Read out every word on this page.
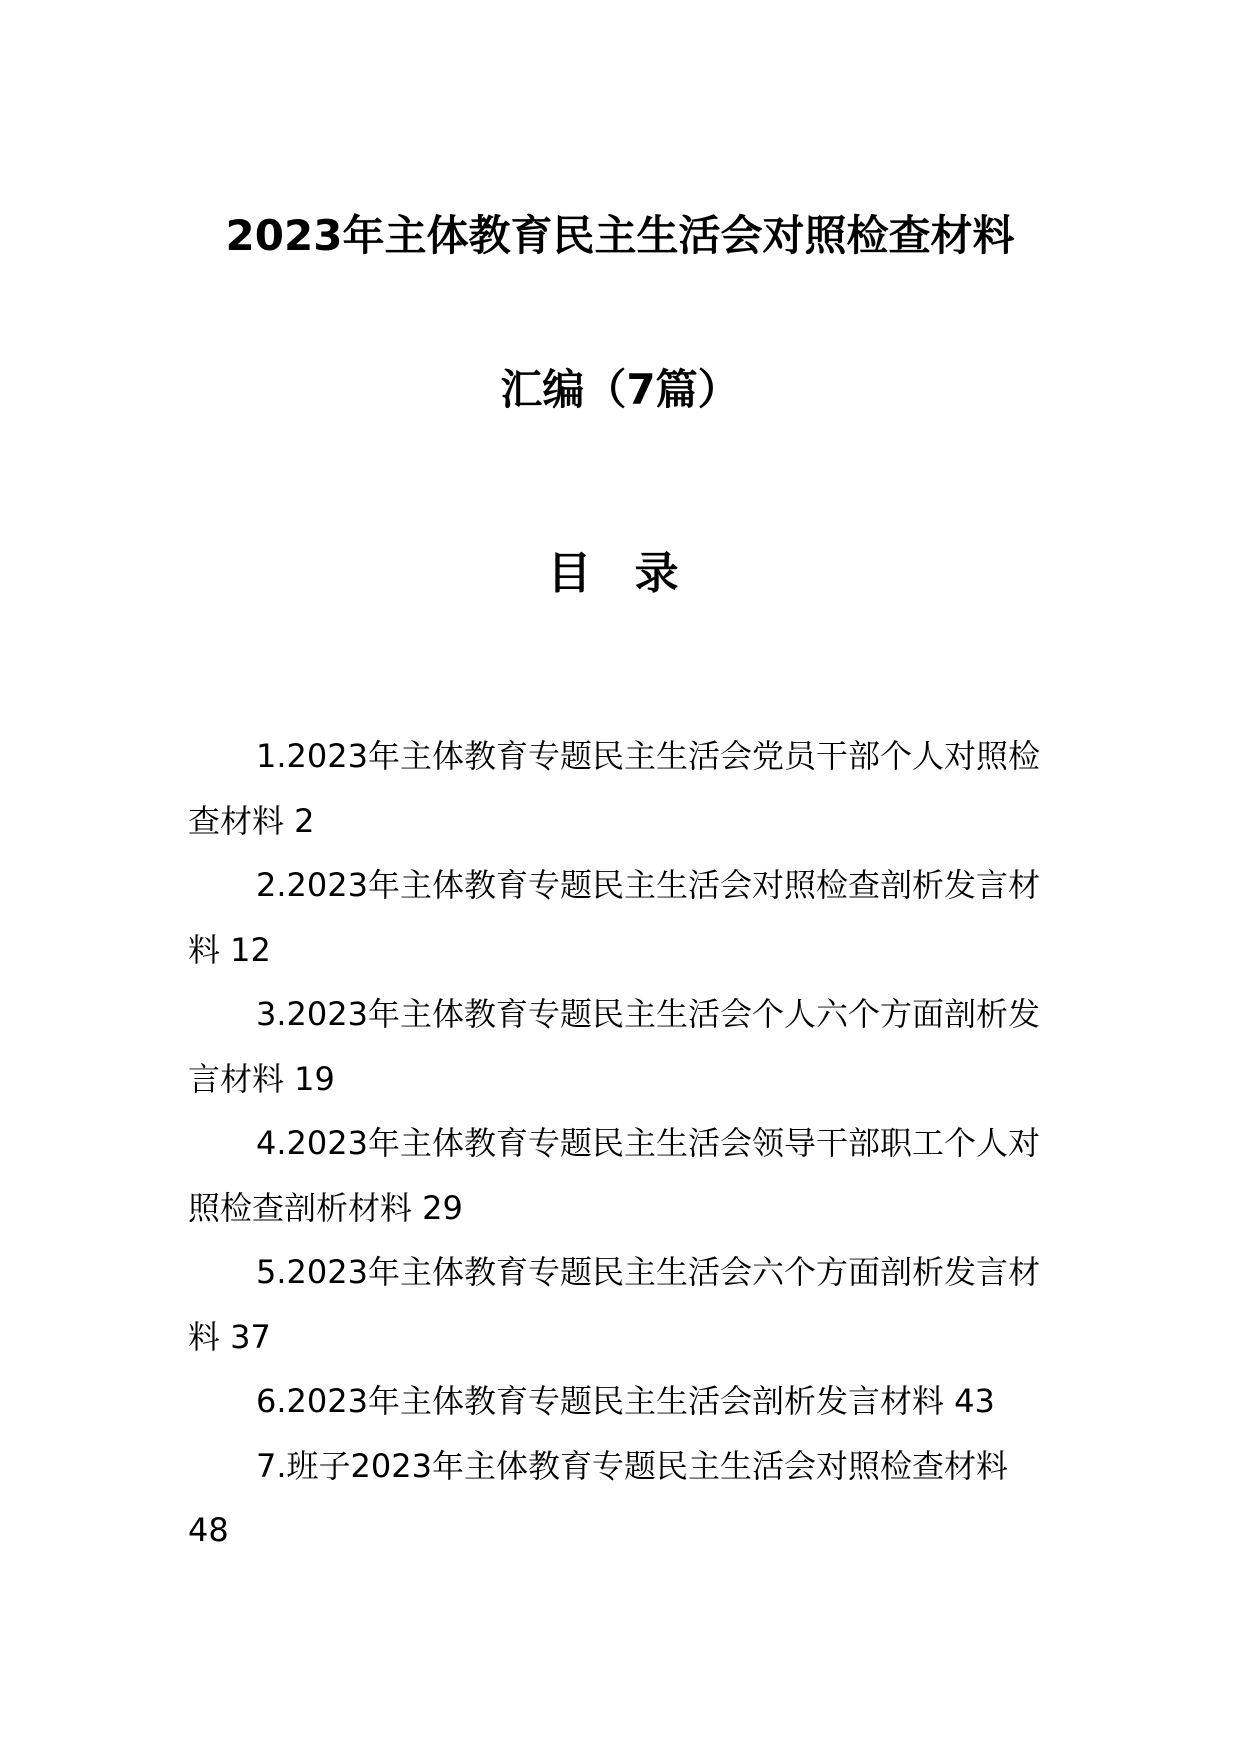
2023年主体教育民主生活会对照检查材料
汇编（7篇）
目 录

1.2023年主体教育专题民主生活会党员干部个人对照检查材料 2

2.2023年主体教育专题民主生活会对照检查剖析发言材料 12

3.2023年主体教育专题民主生活会个人六个方面剖析发言材料 19

4.2023年主体教育专题民主生活会领导干部职工个人对照检查剖析材料 29

5.2023年主体教育专题民主生活会六个方面剖析发言材料 37

6.2023年主体教育专题民主生活会剖析发言材料 43

7.班子2023年主体教育专题民主生活会对照检查材料 48
